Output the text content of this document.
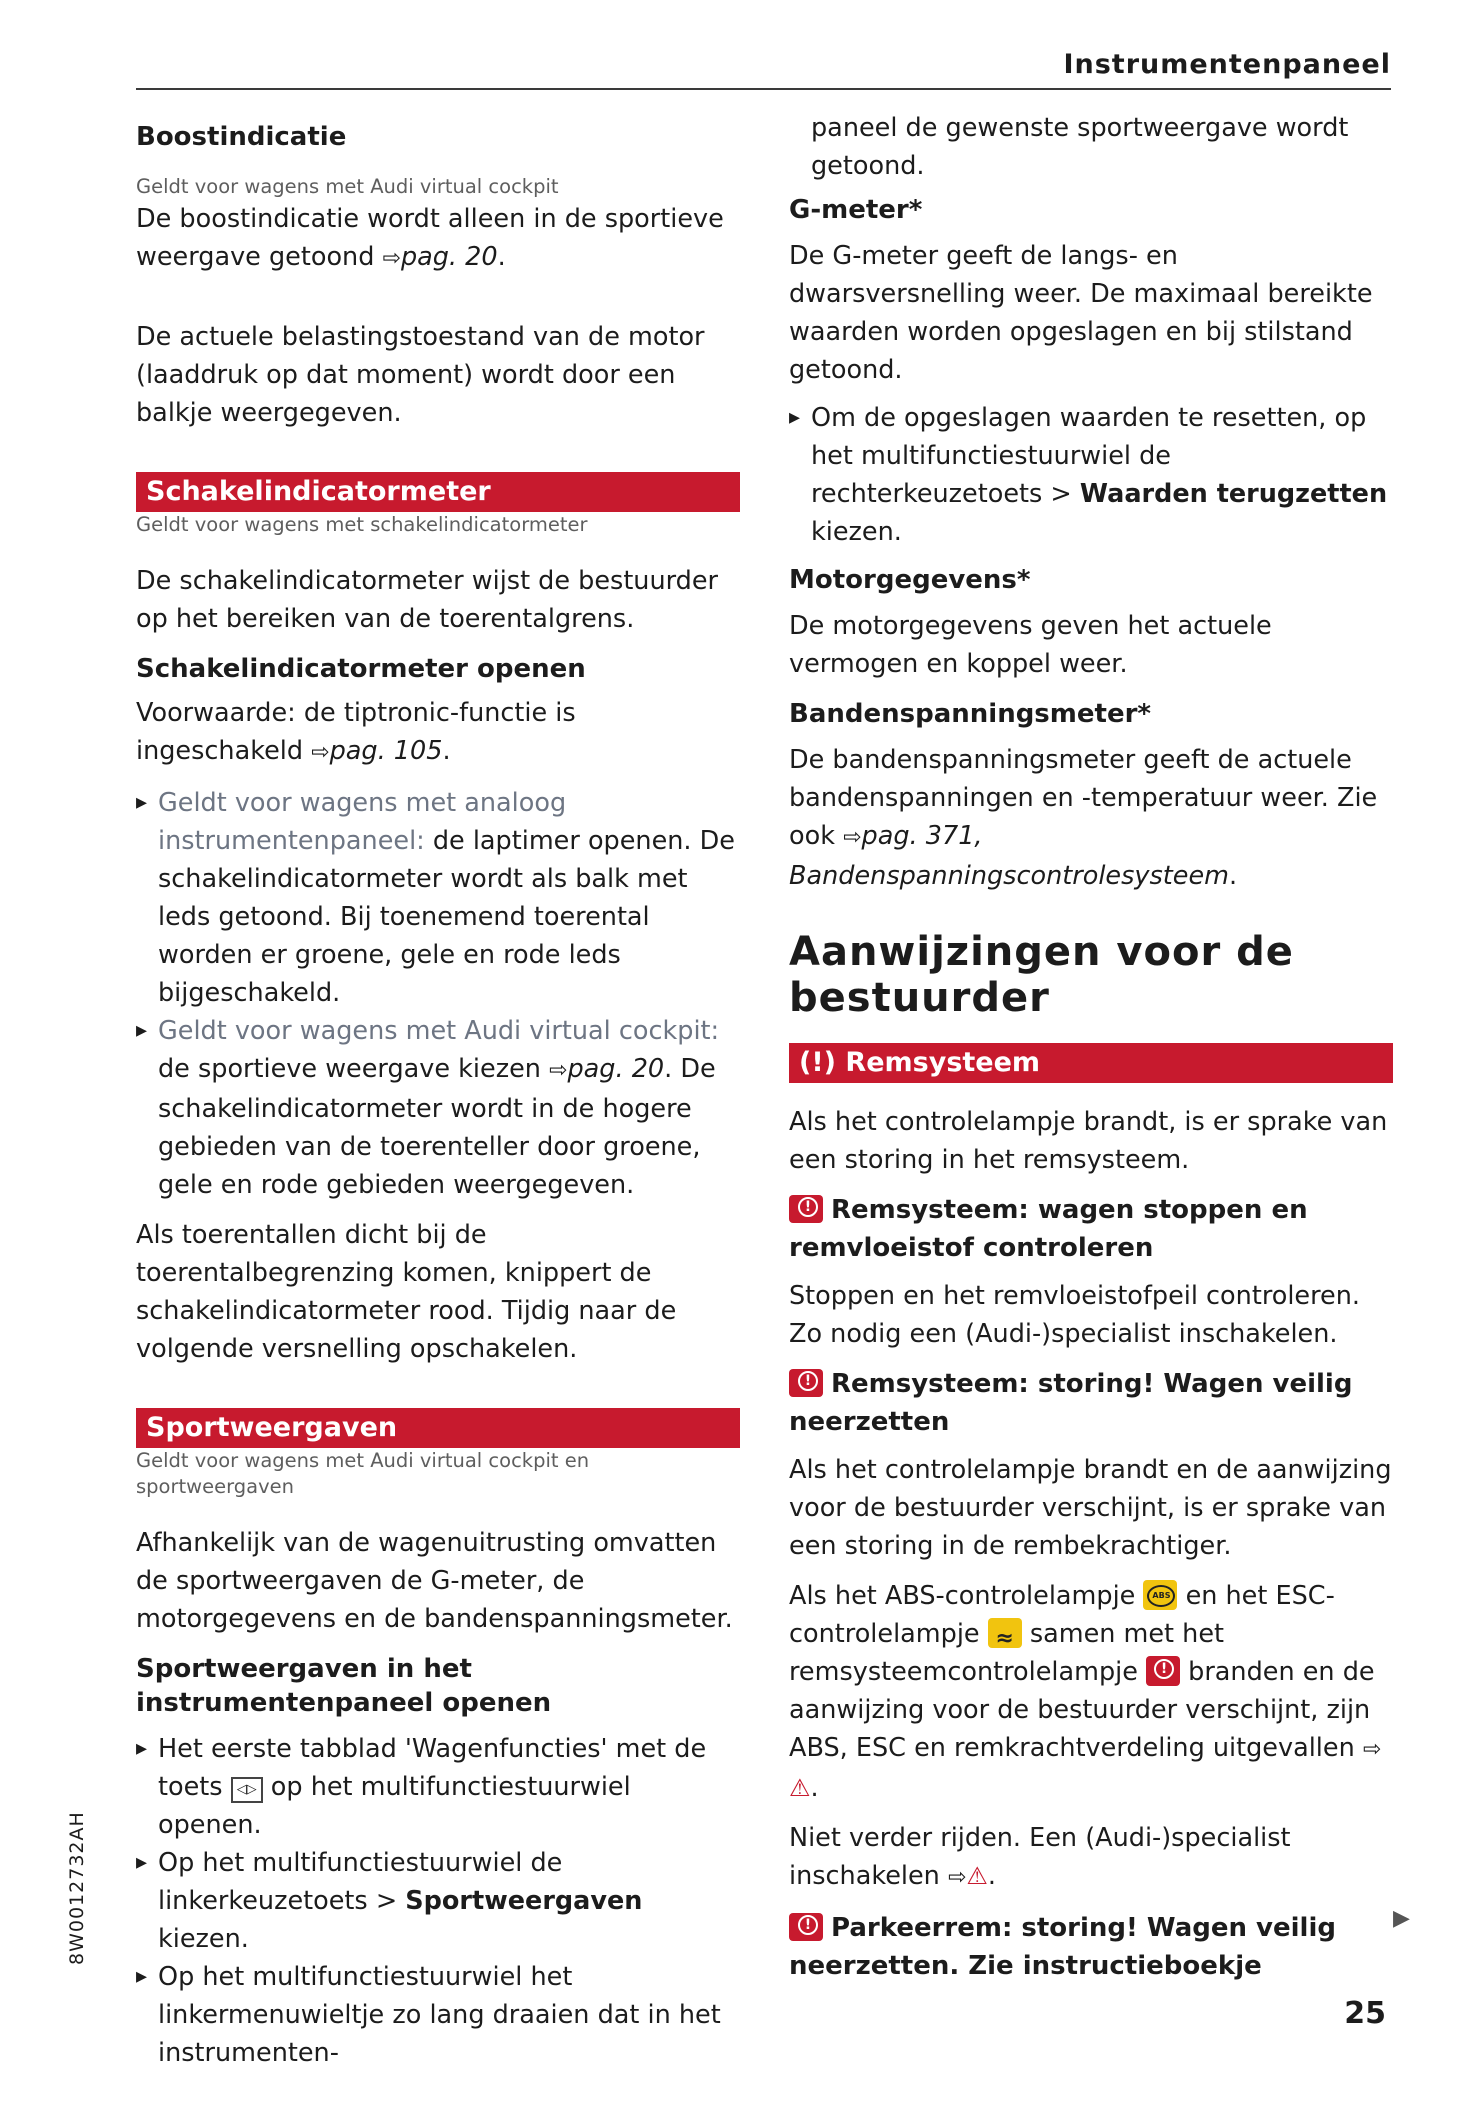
Instrumentenpaneel
Boostindicatie
Geldt voor wagens met Audi virtual cockpit

De boostindicatie wordt alleen in de sportieve weergave getoond ⇨pag. 20.

De actuele belastingstoestand van de motor (laaddruk op dat moment) wordt door een balkje weergegeven.

Schakelindicatormeter
Geldt voor wagens met schakelindicatormeter

De schakelindicatormeter wijst de bestuurder op het bereiken van de toerentalgrens.

Schakelindicatormeter openen

Voorwaarde: de tiptronic-functie is ingeschakeld ⇨pag. 105.

▸ Geldt voor wagens met analoog instrumentenpaneel: de laptimer openen. De schakelindicatormeter wordt als balk met leds getoond. Bij toenemend toerental worden er groene, gele en rode leds bijgeschakeld.
▸ Geldt voor wagens met Audi virtual cockpit: de sportieve weergave kiezen ⇨pag. 20. De schakelindicatormeter wordt in de hogere gebieden van de toerenteller door groene, gele en rode gebieden weergegeven.

Als toerentallen dicht bij de toerentalbegrenzing komen, knippert de schakelindicatormeter rood. Tijdig naar de volgende versnelling opschakelen.

Sportweergaven
Geldt voor wagens met Audi virtual cockpit en sportweergaven

Afhankelijk van de wagenuitrusting omvatten de sportweergaven de G-meter, de motorgegevens en de bandenspanningsmeter.

Sportweergaven in het instrumentenpaneel openen
▸ Het eerste tabblad 'Wagenfuncties' met de toets ◁▷ op het multifunctiestuurwiel openen.
▸ Op het multifunctiestuurwiel de linkerkeuzetoets > Sportweergaven kiezen.
▸ Op het multifunctiestuurwiel het linkermenuwieltje zo lang draaien dat in het instrumenten-

paneel de gewenste sportweergave wordt getoond.

G-meter*

De G-meter geeft de langs- en dwarsversnelling weer. De maximaal bereikte waarden worden opgeslagen en bij stilstand getoond.

▸ Om de opgeslagen waarden te resetten, op het multifunctiestuurwiel de rechterkeuzetoets > Waarden terugzetten kiezen.
Motorgegevens*

De motorgegevens geven het actuele vermogen en koppel weer.

Bandenspanningsmeter*

De bandenspanningsmeter geeft de actuele bandenspanningen en -temperatuur weer. Zie ook ⇨pag. 371, Bandenspanningscontrolesysteem.

Aanwijzingen voor de bestuurder
(!) Remsysteem

Als het controlelampje brandt, is er sprake van een storing in het remsysteem.

!Remsysteem: wagen stoppen en remvloeistof controleren

Stoppen en het remvloeistofpeil controleren. Zo nodig een (Audi-)specialist inschakelen.

!Remsysteem: storing! Wagen veilig neerzetten

Als het controlelampje brandt en de aanwijzing voor de bestuurder verschijnt, is er sprake van een storing in de rembekrachtiger.

Als het ABS-controlelampje ABS en het ESC-controlelampje ≈ samen met het remsysteemcontrolelampje ! branden en de aanwijzing voor de bestuurder verschijnt, zijn ABS, ESC en remkrachtverdeling uitgevallen ⇨⚠.

Niet verder rijden. Een (Audi-)specialist inschakelen ⇨⚠.

!Parkeerrem: storing! Wagen veilig neerzetten. Zie instructieboekje
▶
8W0012732AH
25
